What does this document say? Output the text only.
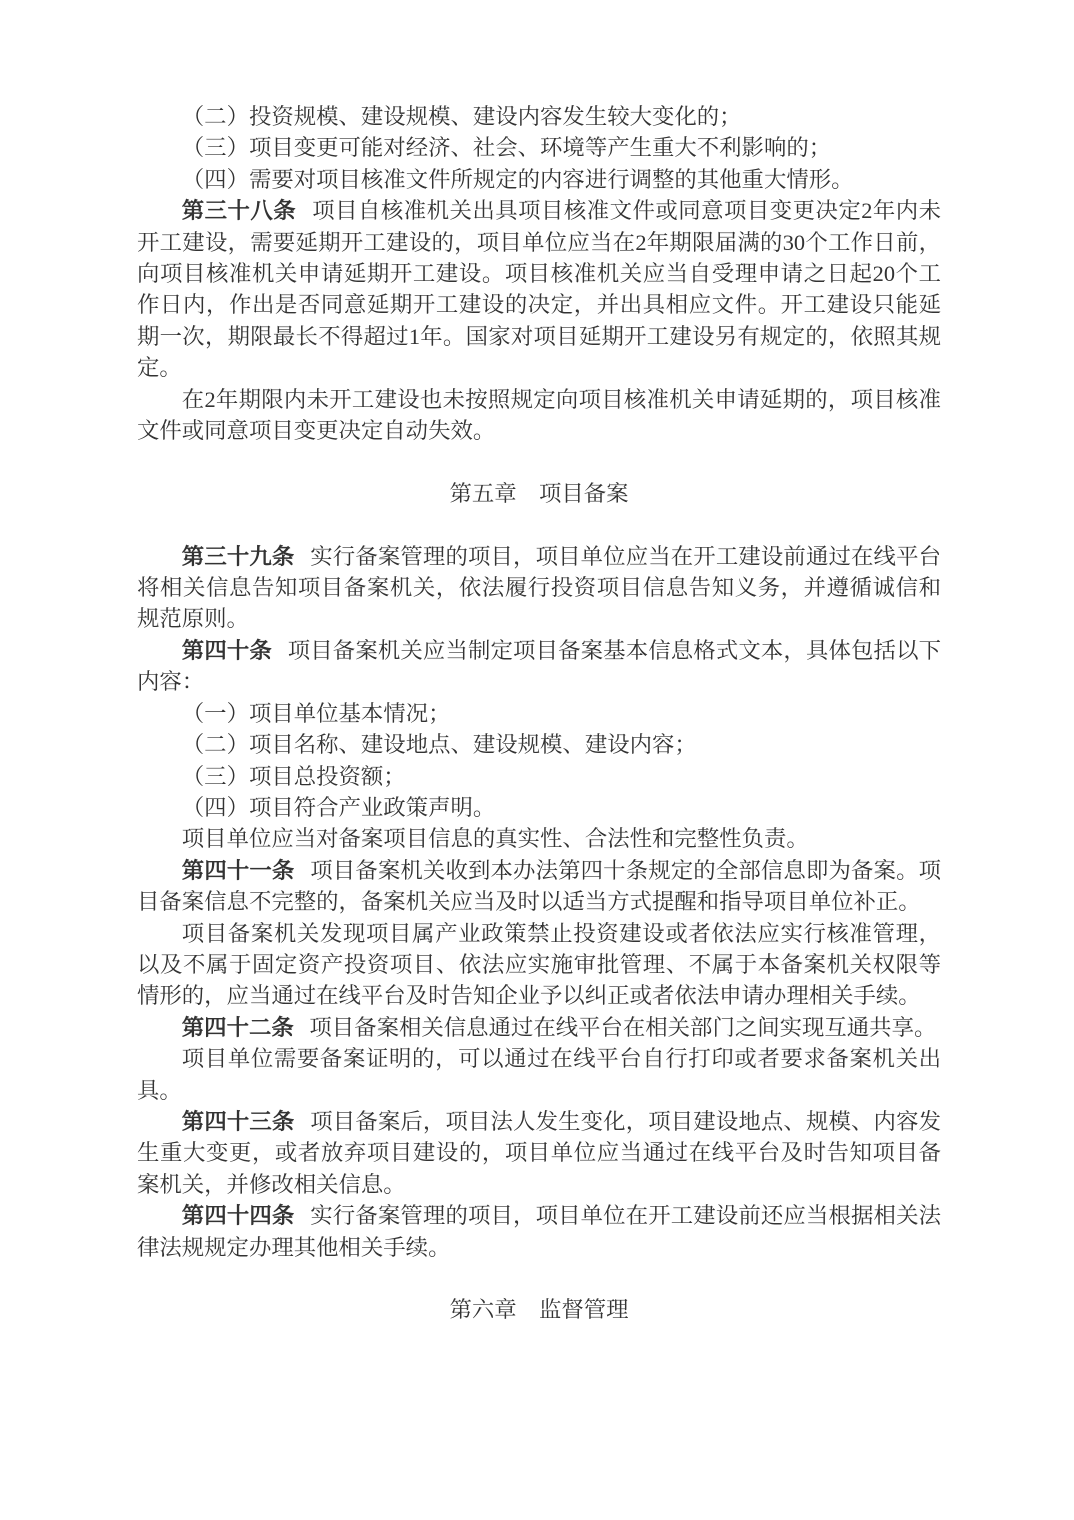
（二）投资规模、建设规模、建设内容发生较大变化的；

（三）项目变更可能对经济、社会、环境等产生重大不利影响的；

（四）需要对项目核准文件所规定的内容进行调整的其他重大情形。

第三十八条 项目自核准机关出具项目核准文件或同意项目变更决定2年内未开工建设，需要延期开工建设的，项目单位应当在2年期限届满的30个工作日前，向项目核准机关申请延期开工建设。项目核准机关应当自受理申请之日起20个工作日内，作出是否同意延期开工建设的决定，并出具相应文件。开工建设只能延期一次，期限最长不得超过1年。国家对项目延期开工建设另有规定的，依照其规定。

在2年期限内未开工建设也未按照规定向项目核准机关申请延期的，项目核准文件或同意项目变更决定自动失效。

第五章　项目备案

第三十九条 实行备案管理的项目，项目单位应当在开工建设前通过在线平台将相关信息告知项目备案机关，依法履行投资项目信息告知义务，并遵循诚信和规范原则。

第四十条 项目备案机关应当制定项目备案基本信息格式文本，具体包括以下内容：

（一）项目单位基本情况；

（二）项目名称、建设地点、建设规模、建设内容；

（三）项目总投资额；

（四）项目符合产业政策声明。

项目单位应当对备案项目信息的真实性、合法性和完整性负责。

第四十一条 项目备案机关收到本办法第四十条规定的全部信息即为备案。项目备案信息不完整的，备案机关应当及时以适当方式提醒和指导项目单位补正。

项目备案机关发现项目属产业政策禁止投资建设或者依法应实行核准管理，以及不属于固定资产投资项目、依法应实施审批管理、不属于本备案机关权限等情形的，应当通过在线平台及时告知企业予以纠正或者依法申请办理相关手续。

第四十二条 项目备案相关信息通过在线平台在相关部门之间实现互通共享。

项目单位需要备案证明的，可以通过在线平台自行打印或者要求备案机关出具。

第四十三条 项目备案后，项目法人发生变化，项目建设地点、规模、内容发生重大变更，或者放弃项目建设的，项目单位应当通过在线平台及时告知项目备案机关，并修改相关信息。

第四十四条 实行备案管理的项目，项目单位在开工建设前还应当根据相关法律法规规定办理其他相关手续。

第六章　监督管理
